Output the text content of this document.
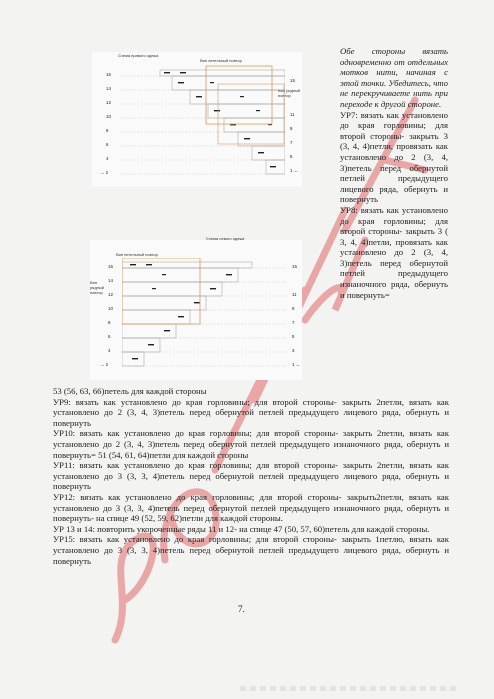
Схема правого одежа
Вин петельный повтор
Вин рядный повтор
16
14
12
10
8
6
4
→ 2
15
11
9
7
5
1 ←
Схема левого одежа
Вин петельный повтор
Вин рядный повтор
16
14
12
10
8
6
4
→ 2
15
11
9
7
5
3
1 ←

Обе стороны вязать одновременно от отдельных мотков нити, начиная с этой точки. Убедитесь, что не перекручиваете нить при переходе к другой стороне.

УР7: вязать как установлено до края горловины; для второй стороны- закрыть 3 (3, 4, 4)петли, провязать как установлено до 2 (3, 4, 3)петель перед обернутой петлей предыдущего лицевого ряда, обернуть и повернуть

УР8: вязать как установлено до края горловины; для второй стороны- закрыть 3 ( 3, 4, 4)петли, провязать как установлено до 2 (3, 4, 3)петель перед обернутой петлей предыдущего изнаночного ряда, обернуть и повернуть=

53 (56, 63, 66)петель для каждой стороны

УР9: вязать как установлено до края горловины; для второй стороны- закрыть 2петли, вязать как установлено до 2 (3, 4, 3)петель перед обернутой петлей предыдущего лицевого ряда, обернуть и повернуть

УР10: вязать как установлено до края горловины; для второй стороны- закрыть 2петли, вязать как установлено до 2 (3, 4, 3)петель перед обернутой петлей предыдущего изнаночного ряда, обернуть и повернуть= 51 (54, 61, 64)петли для каждой стороны

УР11: вязать как установлено до края горловины; для второй стороны- закрыть 2петли, вязать как установлено до 3 (3, 3, 4)петель перед обернутой петлей предыдущего лицевого ряда, обернуть и повернуть

УР12: вязать как установлено до края горловины; для второй стороны- закрыть2петли, вязать как установлено до 3 (3, 3, 4)петель перед обернутой петлей предыдущего изнаночного ряда, обернуть и повернуть- на спице 49 (52, 59, 62)петли для каждой стороны.

УР 13 и 14: повторить укороченные ряды 11 и 12- на спице 47 (50, 57, 60)петель для каждой стороны.

УР15: вязать как установлено до края горловины; для второй стороны- закрыть 1петлю, вязать как установлено до 3 (3, 3, 4)петель перед обернутой петлей предыдущего лицевого ряда, обернуть и повернуть

7.
